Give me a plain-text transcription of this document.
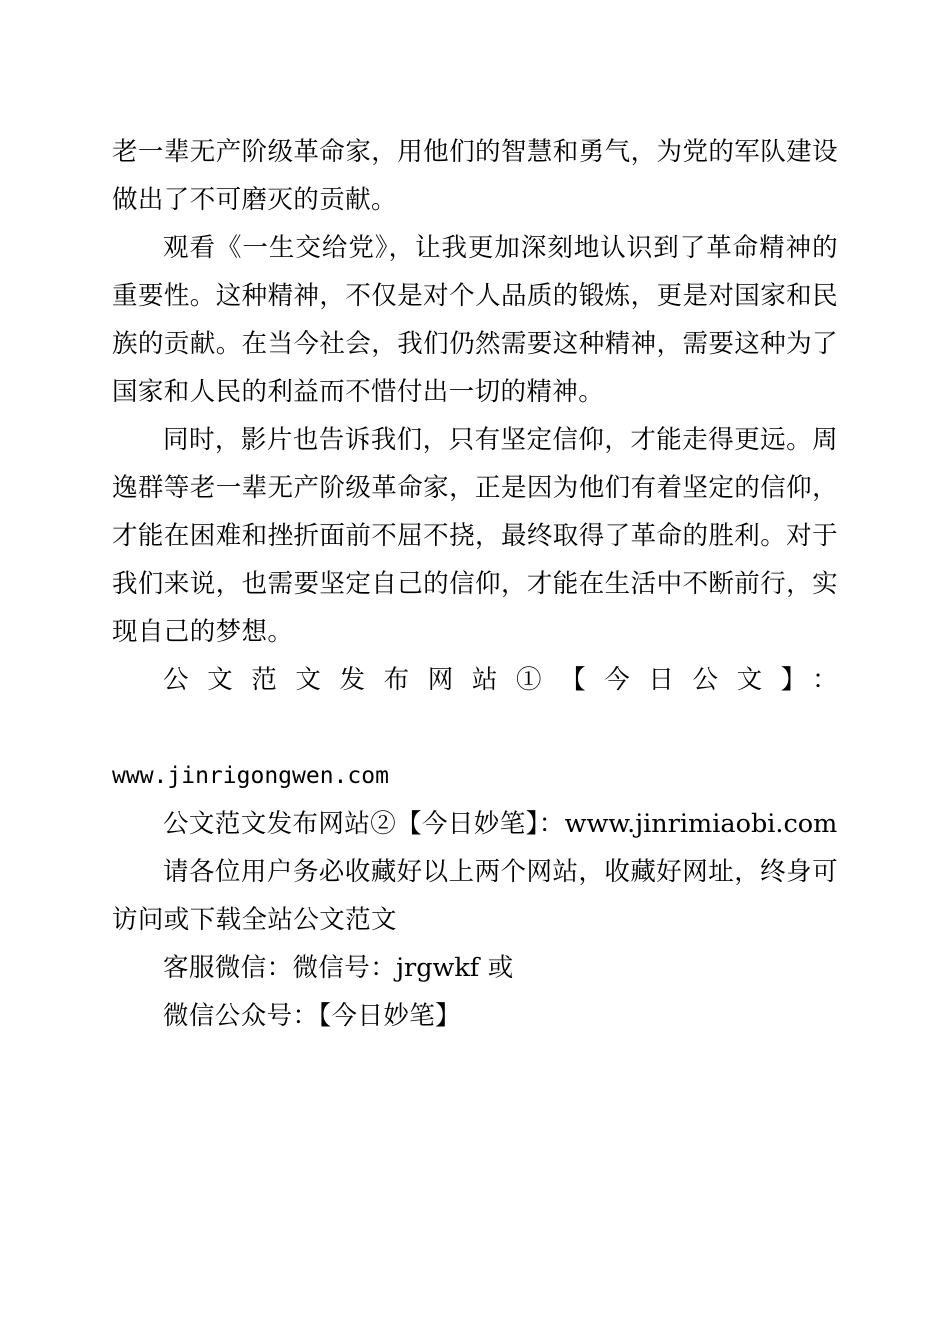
老一辈无产阶级革命家，用他们的智慧和勇气，为党的军队建设做出了不可磨灭的贡献。

观看《一生交给党》，让我更加深刻地认识到了革命精神的重要性。这种精神，不仅是对个人品质的锻炼，更是对国家和民族的贡献。在当今社会，我们仍然需要这种精神，需要这种为了国家和人民的利益而不惜付出一切的精神。

同时，影片也告诉我们，只有坚定信仰，才能走得更远。周逸群等老一辈无产阶级革命家，正是因为他们有着坚定的信仰，才能在困难和挫折面前不屈不挠，最终取得了革命的胜利。对于我们来说，也需要坚定自己的信仰，才能在生活中不断前行，实现自己的梦想。

公文范文发布网站①【今日公文】：

www.jinrigongwen.com

公文范文发布网站②【今日妙笔】：www.jinrimiaobi.com

请各位用户务必收藏好以上两个网站，收藏好网址，终身可访问或下载全站公文范文

客服微信：微信号：jrgwkf 或

微信公众号：【今日妙笔】
